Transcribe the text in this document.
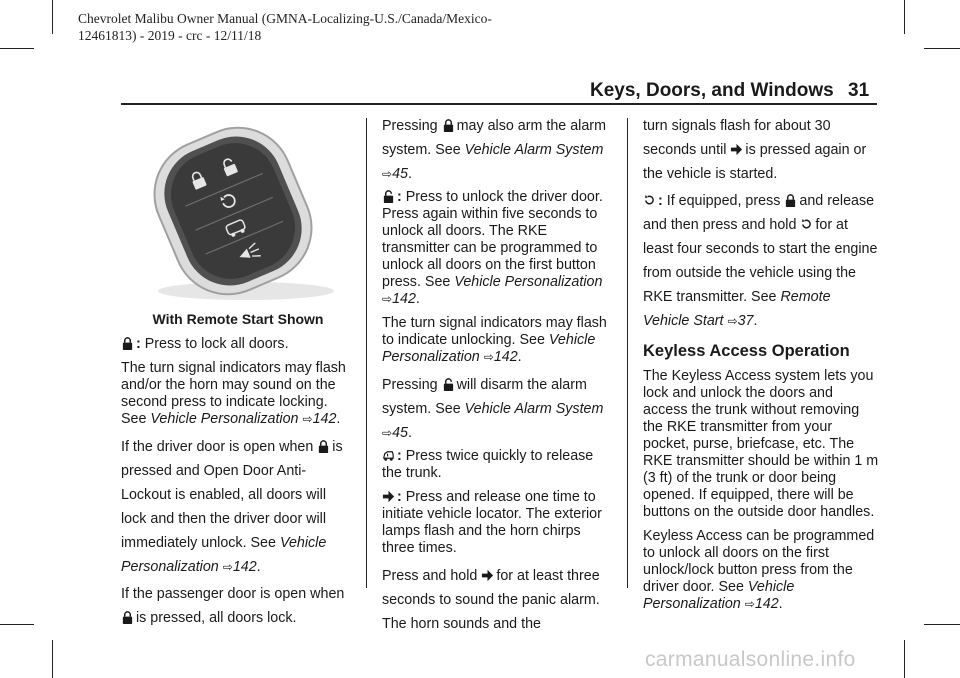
Chevrolet Malibu Owner Manual (GMNA-Localizing-U.S./Canada/Mexico-
12461813) - 2019 - crc - 12/11/18
Keys, Doors, and Windows 31
With Remote Start Shown

: Press to lock all doors.

The turn signal indicators may flash and/or the horn may sound on the second press to indicate locking. See Vehicle Personalization ⇨142.

If the driver door is open when is pressed and Open Door Anti-Lockout is enabled, all doors will lock and then the driver door will immediately unlock. See Vehicle Personalization ⇨142.

If the passenger door is open when is pressed, all doors lock.

Pressing may also arm the alarm system. See Vehicle Alarm System ⇨45.

: Press to unlock the driver door. Press again within five seconds to unlock all doors. The RKE transmitter can be programmed to unlock all doors on the first button press. See Vehicle Personalization ⇨142.

The turn signal indicators may flash to indicate unlocking. See Vehicle Personalization ⇨142.

Pressing will disarm the alarm system. See Vehicle Alarm System ⇨45.

: Press twice quickly to release the trunk.

: Press and release one time to initiate vehicle locator. The exterior lamps flash and the horn chirps three times.

Press and hold for at least three seconds to sound the panic alarm. The horn sounds and the

turn signals flash for about 30 seconds until is pressed again or the vehicle is started.

: If equipped, press and release and then press and hold for at least four seconds to start the engine from outside the vehicle using the RKE transmitter. See Remote Vehicle Start ⇨37.

Keyless Access Operation

The Keyless Access system lets you lock and unlock the doors and access the trunk without removing the RKE transmitter from your pocket, purse, briefcase, etc. The RKE transmitter should be within 1 m (3 ft) of the trunk or door being opened. If equipped, there will be buttons on the outside door handles.

Keyless Access can be programmed to unlock all doors on the first unlock/lock button press from the driver door. See Vehicle Personalization ⇨142.

carmanualsonline.info
